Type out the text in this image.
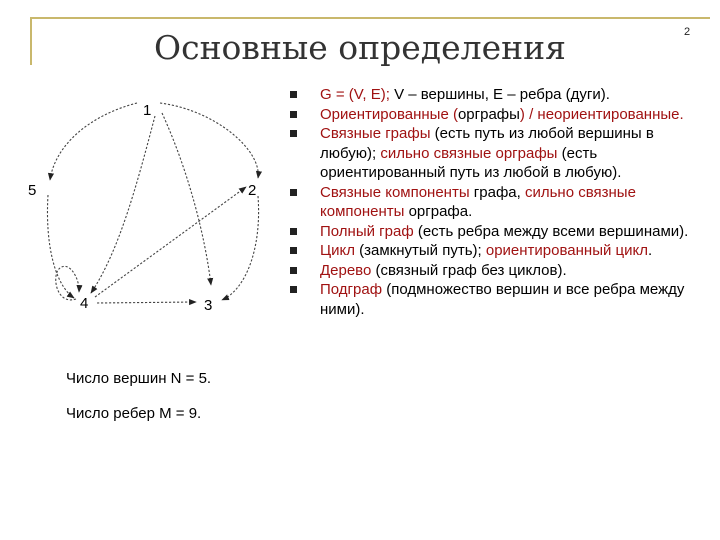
2
Основные определения
1
2
5
4	3
Число вершин N = 5.
Число ребер M = 9.
G = (V, E); V – вершины, E – ребра (дуги).
Ориентированные (орграфы) / неориентированные.
Связные графы (есть путь из любой вершины в любую); сильно связные орграфы (есть ориентированный путь из любой в любую).
Связные компоненты графа, сильно связные компоненты орграфа.
Полный граф (есть ребра между всеми вершинами).
Цикл (замкнутый путь); ориентированный цикл.
Дерево (связный граф без циклов).
Подграф (подмножество вершин и все ребра между ними).
